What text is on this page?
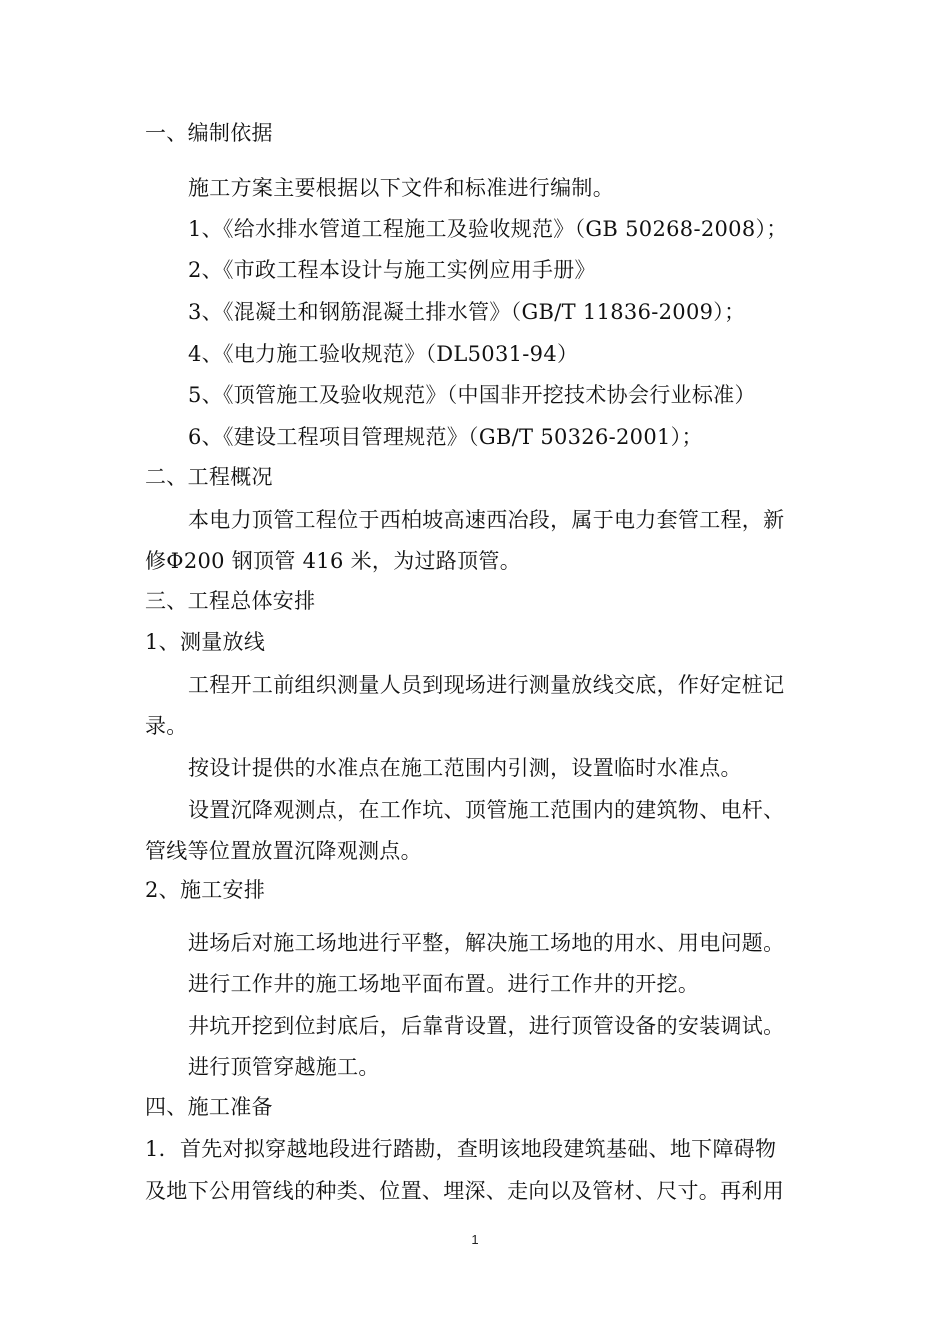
一、编制依据
施工方案主要根据以下文件和标准进行编制。
1、《给水排水管道工程施工及验收规范》（GB 50268-2008）；
2、《市政工程本设计与施工实例应用手册》
3、《混凝土和钢筋混凝土排水管》（GB/T 11836-2009）；
4、《电力施工验收规范》（DL5031-94）
5、《顶管施工及验收规范》（中国非开挖技术协会行业标准）
6、《建设工程项目管理规范》（GB/T 50326-2001）；
二、工程概况
本电力顶管工程位于西柏坡高速西冶段，属于电力套管工程，新
修Φ200 钢顶管 416 米，为过路顶管。
三、工程总体安排
1、测量放线
工程开工前组织测量人员到现场进行测量放线交底，作好定桩记
录。
按设计提供的水准点在施工范围内引测，设置临时水准点。
设置沉降观测点，在工作坑、顶管施工范围内的建筑物、电杆、
管线等位置放置沉降观测点。
2、施工安排
进场后对施工场地进行平整，解决施工场地的用水、用电问题。
进行工作井的施工场地平面布置。进行工作井的开挖。
井坑开挖到位封底后，后靠背设置，进行顶管设备的安装调试。
进行顶管穿越施工。
四、施工准备
1．首先对拟穿越地段进行踏勘，查明该地段建筑基础、地下障碍物
及地下公用管线的种类、位置、埋深、走向以及管材、尺寸。再利用
1
